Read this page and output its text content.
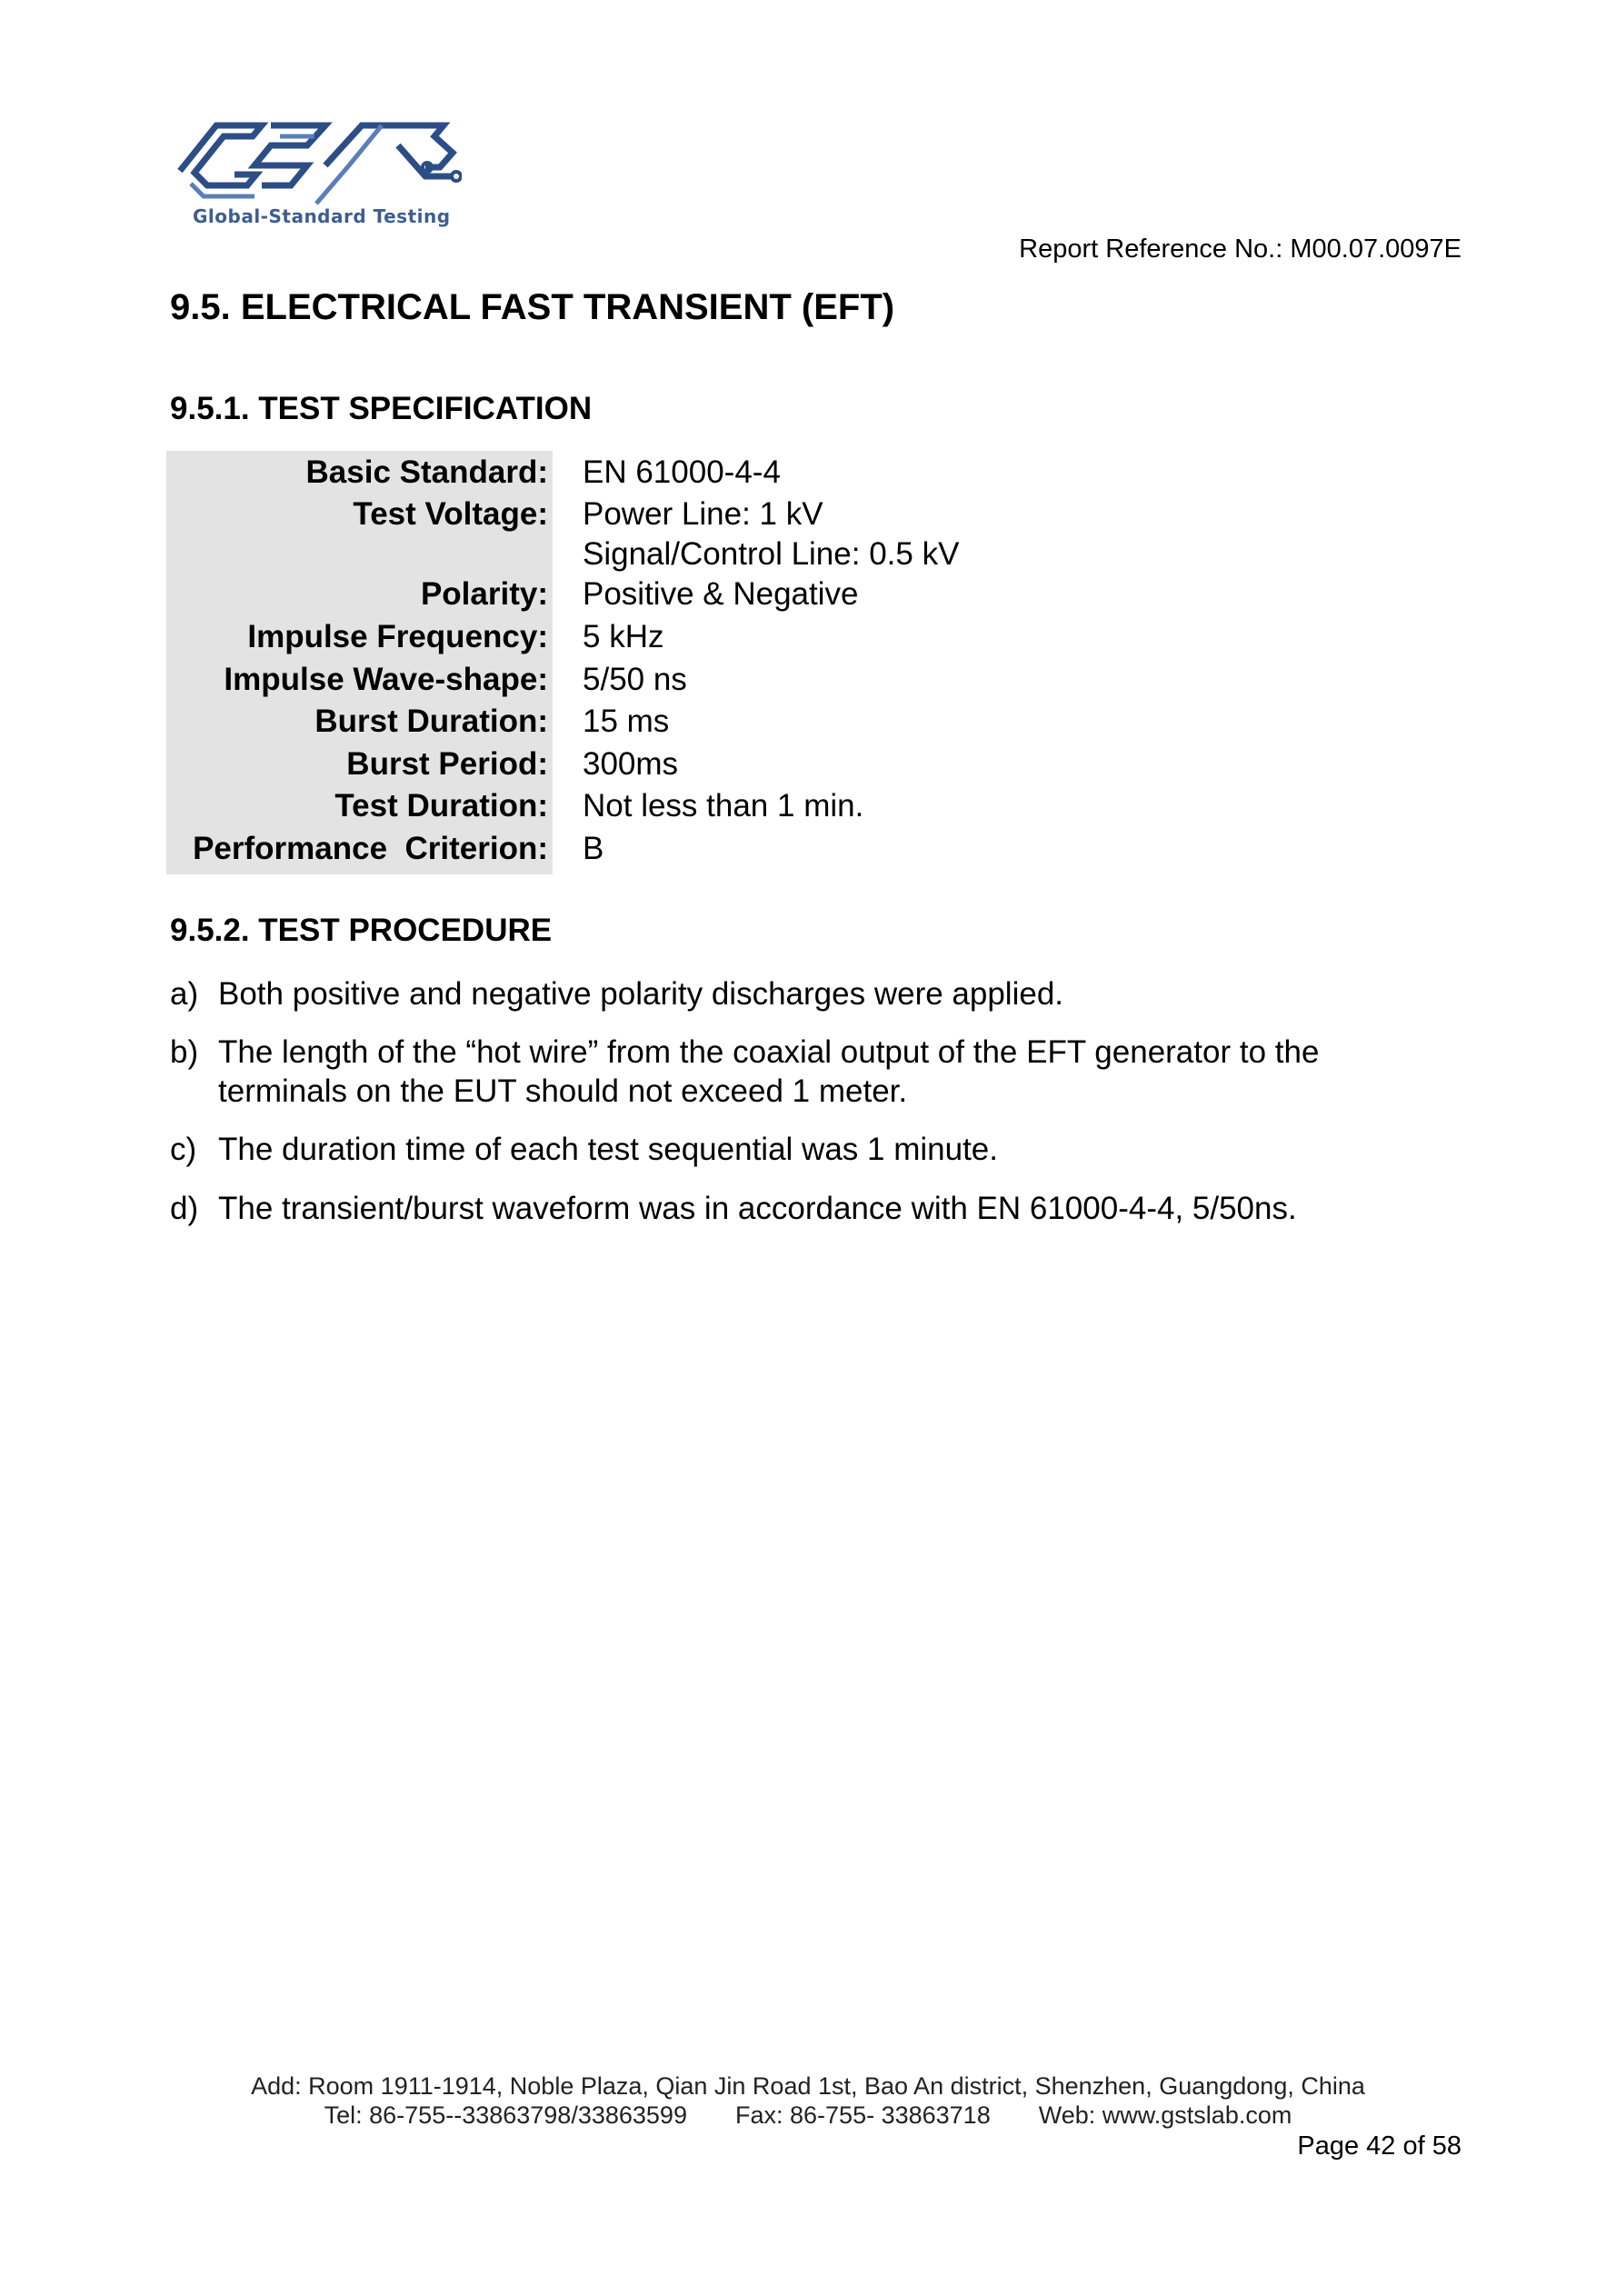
Global-Standard Testing
Report Reference No.: M00.07.0097E
9.5. ELECTRICAL FAST TRANSIENT (EFT)
9.5.1. TEST SPECIFICATION
Basic Standard: EN 61000-4-4
Test Voltage: Power Line: 1 kV
Signal/Control Line: 0.5 kV
Polarity: Positive & Negative
Impulse Frequency: 5 kHz
Impulse Wave-shape: 5/50 ns
Burst Duration: 15 ms
Burst Period: 300ms
Test Duration: Not less than 1 min.
Performance  Criterion: B
9.5.2. TEST PROCEDURE
a) Both positive and negative polarity discharges were applied.
b) The length of the “hot wire” from the coaxial output of the EFT generator to the terminals on the EUT should not exceed 1 meter.
c) The duration time of each test sequential was 1 minute.
d) The transient/burst waveform was in accordance with EN 61000-4-4, 5/50ns.
Add: Room 1911-1914, Noble Plaza, Qian Jin Road 1st, Bao An district, Shenzhen, Guangdong, China
Tel: 86-755--33863798/33863599 Fax: 86-755- 33863718 Web: www.gstslab.com
Page 42 of 58
